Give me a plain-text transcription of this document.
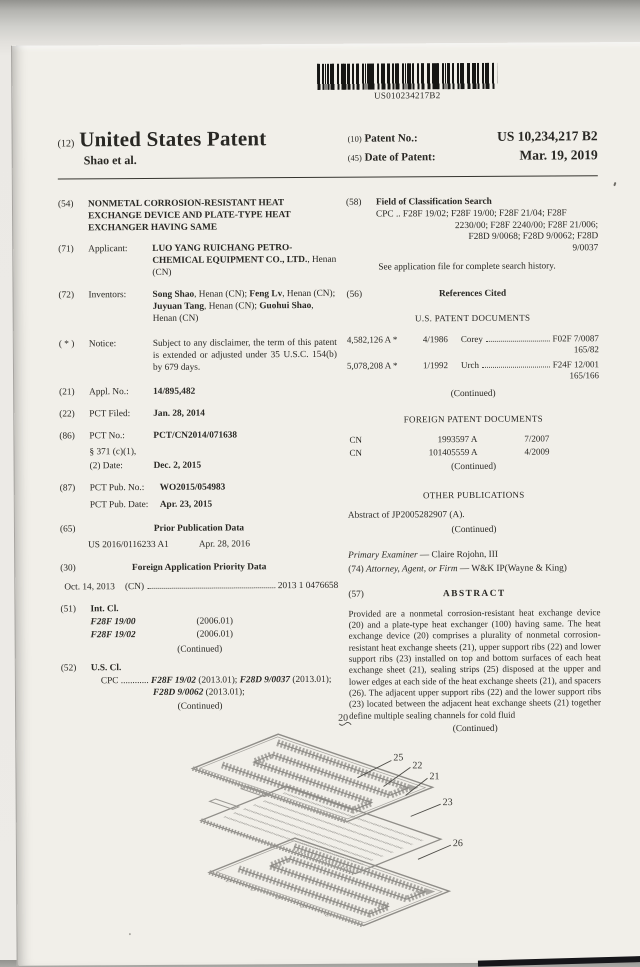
US010234217B2
(12) United States Patent
Shao et al.
(10) Patent No.:	US 10,234,217 B2
(45) Date of Patent:	Mar. 19, 2019
(54)	NONMETAL CORROSION-RESISTANT HEAT EXCHANGE DEVICE AND PLATE-TYPE HEAT EXCHANGER HAVING SAME
(71)	Applicant:	LUO YANG RUICHANG PETRO-CHEMICAL EQUIPMENT CO., LTD., Henan (CN)
(72)	Inventors:	Song Shao, Henan (CN); Feng Lv, Henan (CN); Juyuan Tang, Henan (CN); Guohui Shao, Henan (CN)
( * )	Notice:	Subject to any disclaimer, the term of this patent is extended or adjusted under 35 U.S.C. 154(b) by 679 days.
(21)	Appl. No.:	14/895,482
(22)	PCT Filed:	Jan. 28, 2014
(86)	PCT No.:	PCT/CN2014/071638
§ 371 (c)(1),
(2) Date:	Dec. 2, 2015
(87)	PCT Pub. No.:	WO2015/054983
PCT Pub. Date:	Apr. 23, 2015
(65)	Prior Publication Data
US 2016/0116233 A1	Apr. 28, 2016
(30)	Foreign Application Priority Data
Oct. 14, 2013 (CN)	2013 1 0476658
(51)	Int. Cl.
F28F 19/00	(2006.01)
F28F 19/02	(2006.01)
(Continued)
(52)	U.S. Cl.
CPC ............ F28F 19/02 (2013.01); F28D 9/0037 (2013.01); F28D 9/0062 (2013.01);
(Continued)
(58)	Field of Classification Search
CPC .. F28F 19/02; F28F 19/00; F28F 21/04; F28F
2230/00; F28F 2240/00; F28F 21/006;
F28D 9/0068; F28D 9/0062; F28D
9/0037
See application file for complete search history.
(56)	References Cited
U.S. PATENT DOCUMENTS
4,582,126 A *	4/1986	Corey	F02F 7/0087
165/82
5,078,208 A *	1/1992	Urch	F24F 12/001
165/166
(Continued)
FOREIGN PATENT DOCUMENTS
CN	1993597 A	7/2007
CN	101405559 A	4/2009
(Continued)
OTHER PUBLICATIONS
Abstract of JP2005282907 (A).
(Continued)
Primary Examiner — Claire Rojohn, III
(74) Attorney, Agent, or Firm — W&K IP(Wayne & King)
(57)	ABSTRACT
Provided are a nonmetal corrosion-resistant heat exchange device (20) and a plate-type heat exchanger (100) having same. The heat exchange device (20) comprises a plurality of nonmetal corrosion-resistant heat exchange sheets (21), upper support ribs (22) and lower support ribs (23) installed on top and bottom surfaces of each heat exchange sheet (21), sealing strips (25) disposed at the upper and lower edges at each side of the heat exchange sheets (21), and spacers (26). The adjacent upper support ribs (22) and the lower support ribs (23) located between the adjacent heat exchange sheets (21) together define multiple sealing channels for cold fluid
(Continued)
20
25
22
21
23
26
